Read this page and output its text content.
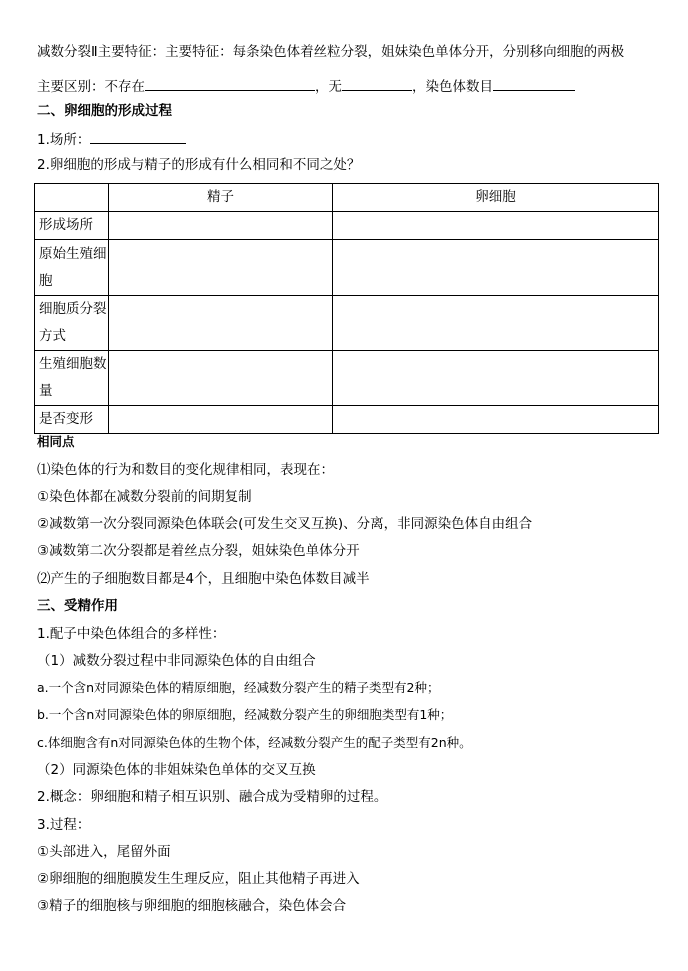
减数分裂Ⅱ主要特征：主要特征：每条染色体着丝粒分裂，姐妹染色单体分开，分别移向细胞的两极
主要区别：不存在	，无	，染色体数目
二、卵细胞的形成过程
1.场所：
2.卵细胞的形成与精子的形成有什么相同和不同之处？
	精子	卵细胞
形成场所		
原始生殖细胞		
细胞质分裂方式		
生殖细胞数量		
是否变形		
相同点
⑴染色体的行为和数目的变化规律相同，表现在：
①染色体都在减数分裂前的间期复制
②减数第一次分裂同源染色体联会(可发生交叉互换)、分离，非同源染色体自由组合
③减数第二次分裂都是着丝点分裂，姐妹染色单体分开
⑵产生的子细胞数目都是4个，且细胞中染色体数目减半
三、受精作用
1.配子中染色体组合的多样性：
（1）减数分裂过程中非同源染色体的自由组合
a.一个含n对同源染色体的精原细胞，经减数分裂产生的精子类型有2种；
b.一个含n对同源染色体的卵原细胞，经减数分裂产生的卵细胞类型有1种；
c.体细胞含有n对同源染色体的生物个体，经减数分裂产生的配子类型有2n种。
（2）同源染色体的非姐妹染色单体的交叉互换
2.概念：卵细胞和精子相互识别、融合成为受精卵的过程。
3.过程：
①头部进入，尾留外面
②卵细胞的细胞膜发生生理反应，阻止其他精子再进入
③精子的细胞核与卵细胞的细胞核融合，染色体会合
